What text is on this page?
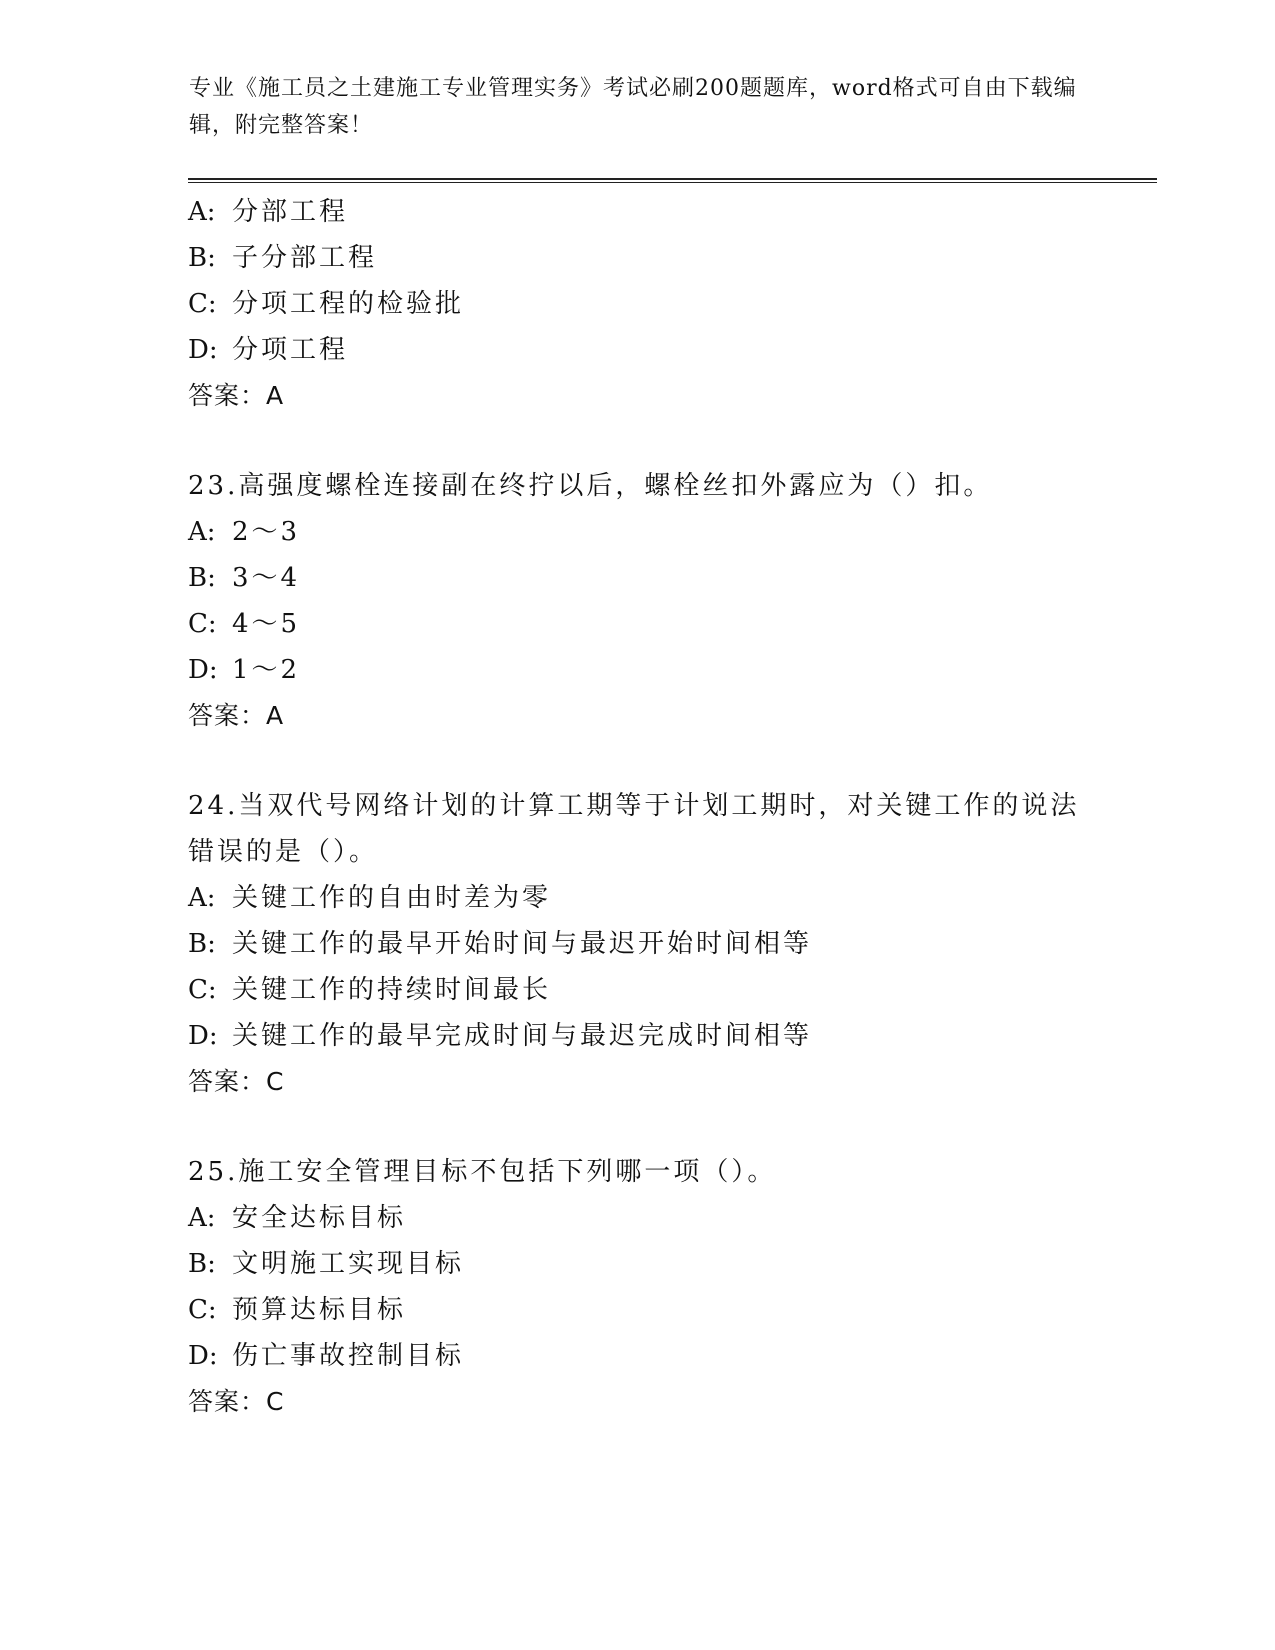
专业《施工员之土建施工专业管理实务》考试必刷200题题库，word格式可自由下载编辑，附完整答案！
A: 分部工程
B: 子分部工程
C: 分项工程的检验批
D: 分项工程
答案：A
23.高强度螺栓连接副在终拧以后，螺栓丝扣外露应为（）扣。
A: 2～3
B: 3～4
C: 4～5
D: 1～2
答案：A
24.当双代号网络计划的计算工期等于计划工期时，对关键工作的说法
错误的是（）。
A: 关键工作的自由时差为零
B: 关键工作的最早开始时间与最迟开始时间相等
C: 关键工作的持续时间最长
D: 关键工作的最早完成时间与最迟完成时间相等
答案：C
25.施工安全管理目标不包括下列哪一项（）。
A: 安全达标目标
B: 文明施工实现目标
C: 预算达标目标
D: 伤亡事故控制目标
答案：C
